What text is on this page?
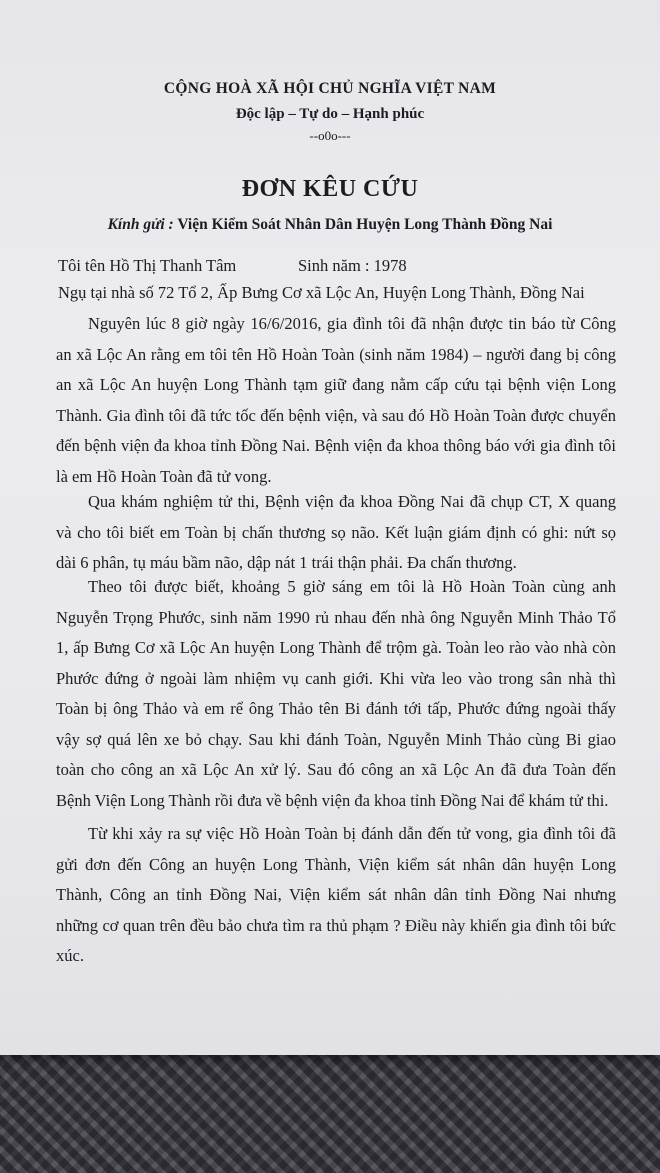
CỘNG HOÀ XÃ HỘI CHỦ NGHĨA VIỆT NAM
Độc lập – Tự do – Hạnh phúc
--o0o---
ĐƠN KÊU CỨU
Kính gửi : Viện Kiểm Soát Nhân Dân Huyện Long Thành Đồng Nai
Tôi tên Hồ Thị Thanh Tâm	Sinh năm : 1978
Ngụ tại nhà số 72 Tổ 2, Ấp Bưng Cơ xã Lộc An, Huyện Long Thành, Đồng Nai
Nguyên lúc 8 giờ ngày 16/6/2016, gia đình tôi đã nhận được tin báo từ Công
an xã Lộc An rằng em tôi tên Hồ Hoàn Toàn (sinh năm 1984) – người đang bị công
an xã Lộc An huyện Long Thành tạm giữ đang nằm cấp cứu tại bệnh viện Long
Thành. Gia đình tôi đã tức tốc đến bệnh viện, và sau đó Hồ Hoàn Toàn được chuyển
đến bệnh viện đa khoa tỉnh Đồng Nai. Bệnh viện đa khoa thông báo với gia đình tôi
là em Hồ Hoàn Toàn đã tử vong.
Qua khám nghiệm tử thi, Bệnh viện đa khoa Đồng Nai đã chụp CT, X quang
và cho tôi biết em Toàn bị chấn thương sọ não. Kết luận giám định có ghi: nứt sọ
dài 6 phân, tụ máu bầm não, dập nát 1 trái thận phải. Đa chấn thương.
Theo tôi được biết, khoảng 5 giờ sáng em tôi là Hồ Hoàn Toàn cùng anh
Nguyễn Trọng Phước, sinh năm 1990 rủ nhau đến nhà ông Nguyễn Minh Thảo Tổ
1, ấp Bưng Cơ xã Lộc An huyện Long Thành để trộm gà. Toàn leo rào vào nhà còn
Phước đứng ở ngoài làm nhiệm vụ canh giới. Khi vừa leo vào trong sân nhà thì
Toàn bị ông Thảo và em rể ông Thảo tên Bi đánh tới tấp, Phước đứng ngoài thấy
vậy sợ quá lên xe bỏ chạy. Sau khi đánh Toàn, Nguyễn Minh Thảo cùng Bi giao
toàn cho công an xã Lộc An xử lý. Sau đó công an xã Lộc An đã đưa Toàn đến
Bệnh Viện Long Thành rồi đưa về bệnh viện đa khoa tỉnh Đồng Nai để khám tử thi.
Từ khi xảy ra sự việc Hồ Hoàn Toàn bị đánh dẫn đến tử vong, gia đình tôi đã
gửi đơn đến Công an huyện Long Thành, Viện kiểm sát nhân dân huyện Long
Thành, Công an tỉnh Đồng Nai, Viện kiểm sát nhân dân tỉnh Đồng Nai nhưng
những cơ quan trên đều bảo chưa tìm ra thủ phạm ? Điều này khiến gia đình tôi bức
xúc.
